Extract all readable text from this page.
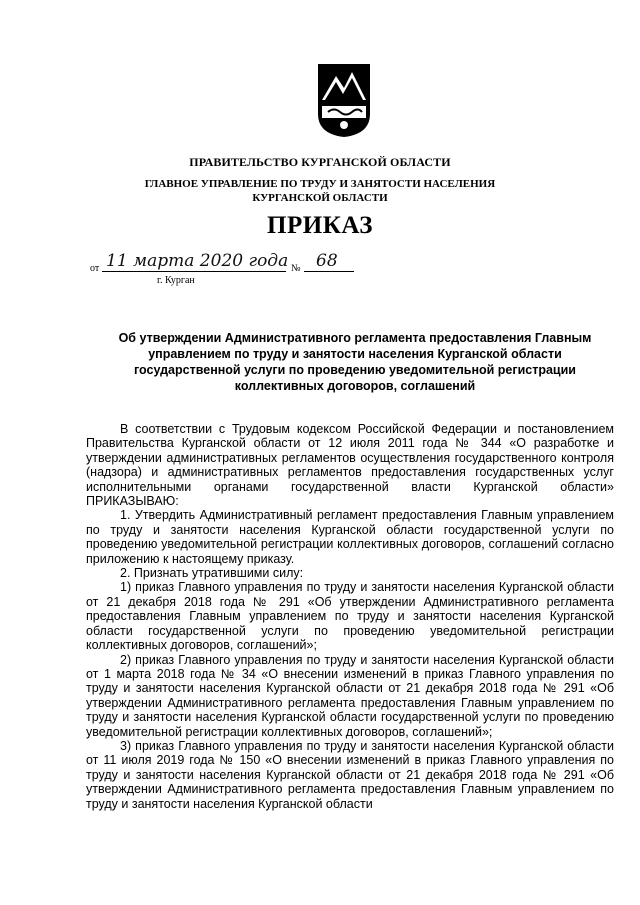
ПРАВИТЕЛЬСТВО КУРГАНСКОЙ ОБЛАСТИ
ГЛАВНОЕ УПРАВЛЕНИЕ ПО ТРУДУ И ЗАНЯТОСТИ НАСЕЛЕНИЯ
КУРГАНСКОЙ ОБЛАСТИ
ПРИКАЗ
от 11 марта 2020 года № 68
г. Курган
Об утверждении Административного регламента предоставления Главным
управлением по труду и занятости населения Курганской области
государственной услуги по проведению уведомительной регистрации
коллективных договоров, соглашений

В соответствии с Трудовым кодексом Российской Федерации и постановлением Правительства Курганской области от 12 июля 2011 года № 344 «О разработке и утверждении административных регламентов осуществления государственного контроля (надзора) и административных регламентов предоставления государственных услуг исполнительными органами государственной власти Курганской области» ПРИКАЗЫВАЮ:

1. Утвердить Административный регламент предоставления Главным управлением по труду и занятости населения Курганской области государственной услуги по проведению уведомительной регистрации коллективных договоров, соглашений согласно приложению к настоящему приказу.

2. Признать утратившими силу:

1) приказ Главного управления по труду и занятости населения Курганской области от 21 декабря 2018 года № 291 «Об утверждении Административного регламента предоставления Главным управлением по труду и занятости населения Курганской области государственной услуги по проведению уведомительной регистрации коллективных договоров, соглашений»;

2) приказ Главного управления по труду и занятости населения Курганской области от 1 марта 2018 года № 34 «О внесении изменений в приказ Главного управления по труду и занятости населения Курганской области от 21 декабря 2018 года № 291 «Об утверждении Административного регламента предоставления Главным управлением по труду и занятости населения Курганской области государственной услуги по проведению уведомительной регистрации коллективных договоров, соглашений»;

3) приказ Главного управления по труду и занятости населения Курганской области от 11 июля 2019 года № 150 «О внесении изменений в приказ Главного управления по труду и занятости населения Курганской области от 21 декабря 2018 года № 291 «Об утверждении Административного регламента предоставления Главным управлением по труду и занятости населения Курганской области
